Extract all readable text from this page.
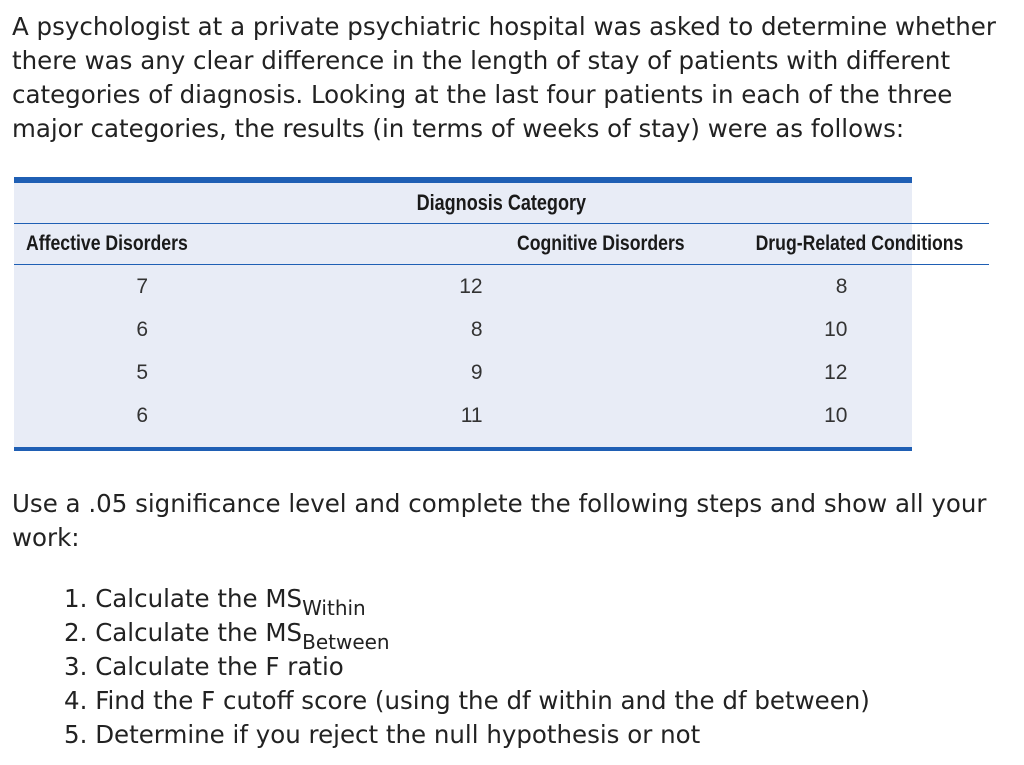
A psychologist at a private psychiatric hospital was asked to determine whether there was any clear difference in the length of stay of patients with different categories of diagnosis. Looking at the last four patients in each of the three major categories, the results (in terms of weeks of stay) were as follows:

Diagnosis Category		
Affective Disorders	Cognitive Disorders	Drug-Related Conditions
7	12	8
6	8	10
5	9	12
6	11	10

Use a .05 significance level and complete the following steps and show all your work:

1. Calculate the $MS_{Within}$
2. Calculate the $MS_{Between}$
3. Calculate the F ratio
4. Find the F cutoff score (using the df within and the df between)
5. Determine if you reject the null hypothesis or not
